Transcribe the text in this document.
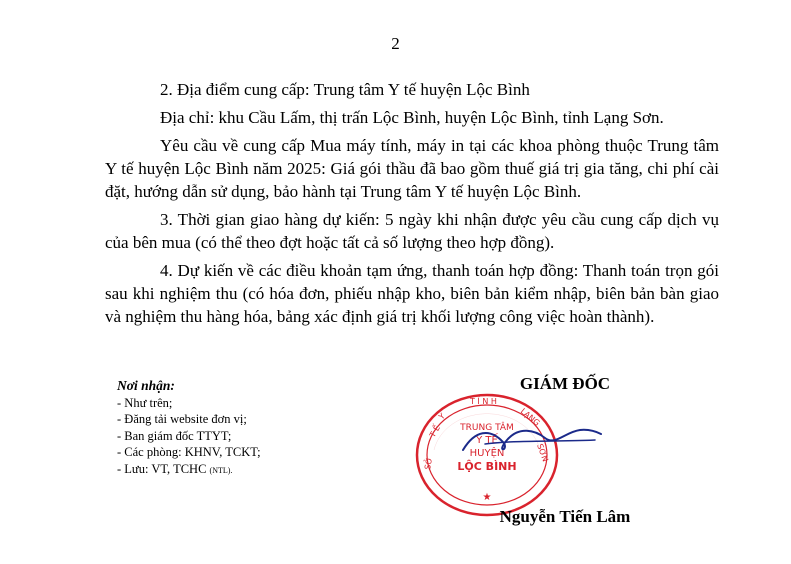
2

2. Địa điểm cung cấp: Trung tâm Y tế huyện Lộc Bình

Địa chỉ: khu Cầu Lấm, thị trấn Lộc Bình, huyện Lộc Bình, tỉnh Lạng Sơn.

Yêu cầu về cung cấp Mua máy tính, máy in tại các khoa phòng thuộc Trung tâm Y tế huyện Lộc Bình năm 2025: Giá gói thầu đã bao gồm thuế giá trị gia tăng, chi phí cài đặt, hướng dẫn sử dụng, bảo hành tại Trung tâm Y tế huyện Lộc Bình.

3. Thời gian giao hàng dự kiến: 5 ngày khi nhận được yêu cầu cung cấp dịch vụ của bên mua (có thể theo đợt hoặc tất cả số lượng theo hợp đồng).

4. Dự kiến về các điều khoản tạm ứng, thanh toán hợp đồng: Thanh toán trọn gói sau khi nghiệm thu (có hóa đơn, phiếu nhập kho, biên bản kiểm nhập, biên bản bàn giao và nghiệm thu hàng hóa, bảng xác định giá trị khối lượng công việc hoàn thành).

Nơi nhận:
- Như trên;
- Đăng tải website đơn vị;
- Ban giám đốc TTYT;
- Các phòng: KHNV, TCKT;
- Lưu: VT, TCHC (NTL).
GIÁM ĐỐC
T Ỉ N H
Y
T Ế
LẠNG
SƠN
SỞ
TRUNG TÂM
Y TẾ
HUYỆN
LỘC BÌNH
★
Nguyễn Tiến Lâm
